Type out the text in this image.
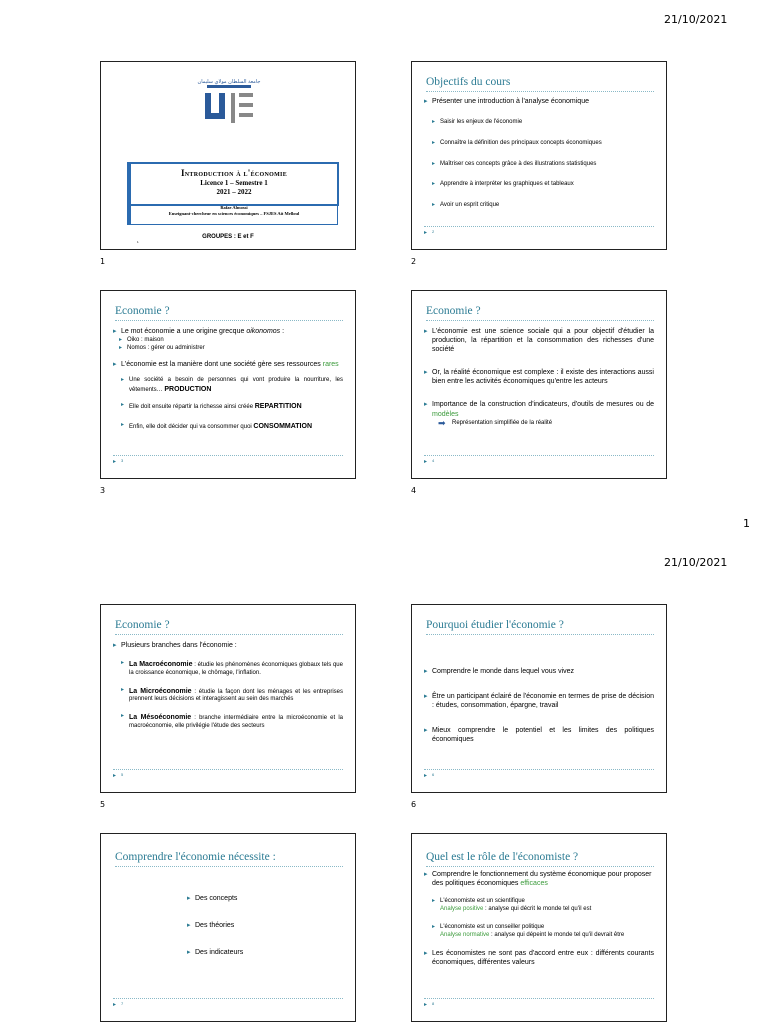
21/10/2021
جامعة السلطان مولاي سليمان
Introduction à l'économie
Licence 1 – Semestre 1
2021 – 2022
Rafae Almossi
Enseignant-chercheur en sciences économiques – FSJES Ait Melloul
1
GROUPES : E et F
1
Objectifs du cours
▸ Présenter une introduction à l'analyse économique
▸ Saisir les enjeux de l'économie
▸ Connaître la définition des principaux concepts économiques
▸ Maîtriser ces concepts grâce à des illustrations statistiques
▸ Apprendre à interpréter les graphiques et tableaux
▸ Avoir un esprit critique
▸ 2
2
Economie ?
▸ Le mot économie a une origine grecque oikonomos :
▸ Oiko : maison
▸ Nomos : gérer ou administrer
▸ L'économie est la manière dont une société gère ses ressources rares
▸ Une société a besoin de personnes qui vont produire la nourriture, les vêtements… PRODUCTION
▸ Elle doit ensuite répartir la richesse ainsi créée REPARTITION
▸ Enfin, elle doit décider qui va consommer quoi CONSOMMATION
▸ 3
3
Economie ?
▸ L'économie est une science sociale qui a pour objectif d'étudier la production, la répartition et la consommation des richesses d'une société
▸ Or, la réalité économique est complexe : il existe des interactions aussi bien entre les activités économiques qu'entre les acteurs
▸ Importance de la construction d'indicateurs, d'outils de mesures ou de modèles
➡ Représentation simplifiée de la réalité
▸ 4
4
1
21/10/2021
Economie ?
▸ Plusieurs branches dans l'économie :
▸ La Macroéconomie : étudie les phénomènes économiques globaux tels que la croissance économique, le chômage, l'inflation.
▸ La Microéconomie : étudie la façon dont les ménages et les entreprises prennent leurs décisions et interagissent au sein des marchés
▸ La Mésoéconomie : branche intermédiaire entre la microéconomie et la macroéconomie, elle privilégie l'étude des secteurs
▸ 5
5
Pourquoi étudier l'économie ?
▸ Comprendre le monde dans lequel vous vivez
▸ Être un participant éclairé de l'économie en termes de prise de décision : études, consommation, épargne, travail
▸ Mieux comprendre le potentiel et les limites des politiques économiques
▸ 6
6
Comprendre l'économie nécessite :
▸ Des concepts
▸ Des théories
▸ Des indicateurs
▸ 7
Quel est le rôle de l'économiste ?
▸ Comprendre le fonctionnement du système économique pour proposer des politiques économiques efficaces
▸ L'économiste est un scientifique
Analyse positive : analyse qui décrit le monde tel qu'il est
▸ L'économiste est un conseiller politique
Analyse normative : analyse qui dépeint le monde tel qu'il devrait être
▸ Les économistes ne sont pas d'accord entre eux : différents courants économiques, différentes valeurs
▸ 8
